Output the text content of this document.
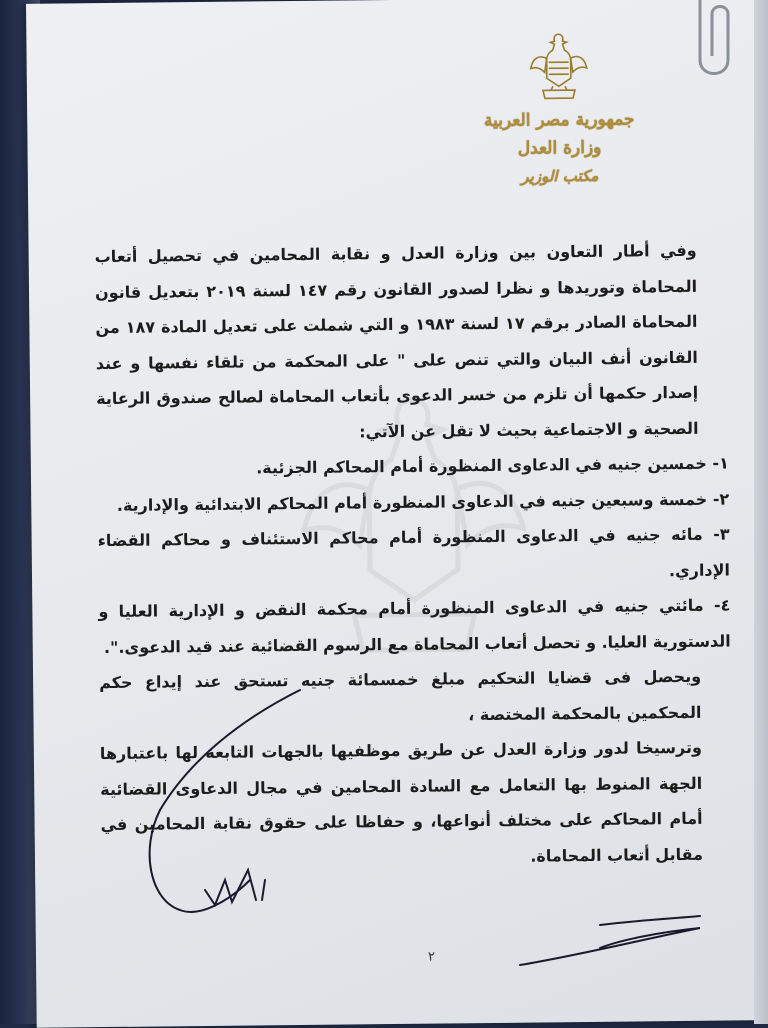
جمهورية مصر العربية
وزارة العدل
مكتب الوزير

وفي أطار التعاون بين وزارة العدل و نقابة المحامين في تحصيل أتعاب المحاماة وتوريدها و نظرا لصدور القانون رقم ١٤٧ لسنة ٢٠١٩ بتعديل قانون المحاماة الصادر برقم ١٧ لسنة ١٩٨٣ و التي شملت على تعديل المادة ١٨٧ من القانون أنف البيان والتي تنص على " على المحكمة من تلقاء نفسها و عند إصدار حكمها أن تلزم من خسر الدعوى بأتعاب المحاماة لصالح صندوق الرعاية الصحية و الاجتماعية بحيث لا تقل عن الآتي:

١- خمسين جنيه في الدعاوى المنظورة أمام المحاكم الجزئية.

٢- خمسة وسبعين جنيه في الدعاوى المنظورة أمام المحاكم الابتدائية والإدارية.

٣- مائه جنيه في الدعاوى المنظورة أمام محاكم الاستئناف و محاكم القضاء الإداري.

٤- مائتي جنيه في الدعاوى المنظورة أمام محكمة النقض و الإدارية العليا و الدستورية العليا. و تحصل أتعاب المحاماة مع الرسوم القضائية عند قيد الدعوى.".

ويحصل فى قضايا التحكيم مبلغ خمسمائة جنيه تستحق عند إيداع حكم المحكمين بالمحكمة المختصة ،

وترسيخا لدور وزارة العدل عن طريق موظفيها بالجهات التابعة لها باعتبارها الجهة المنوط بها التعامل مع السادة المحامين في مجال الدعاوى القضائية أمام المحاكم على مختلف أنواعها، و حفاظا على حقوق نقابة المحامين في مقابل أتعاب المحاماة.

٢
